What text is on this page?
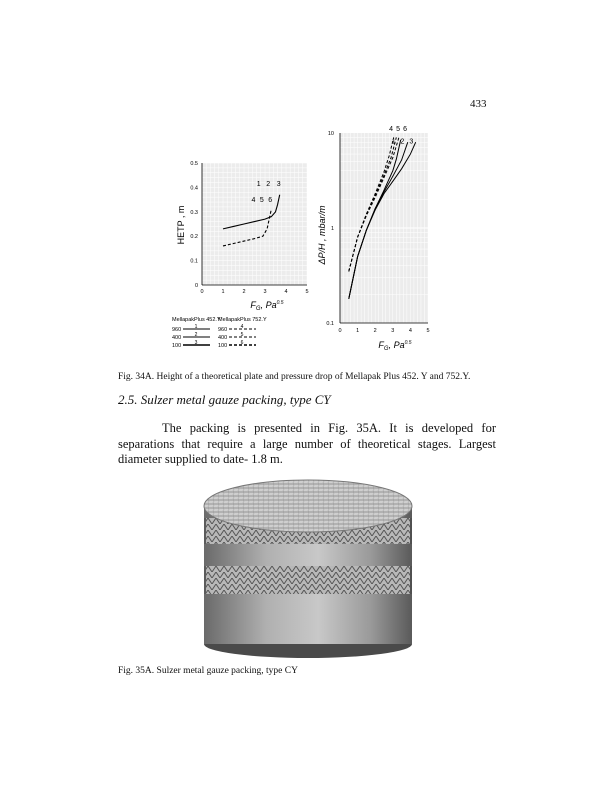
433
0	1	2	3	4	5
0
0.1
0.2
0.3
0.4
0.5
1 2 3
4 5 6
HETP , m
$F_G$, $Pa^{0.5}$
MellapakPlus 452.Y
MellapakPlus 752.Y
960	1
400	2
100	3
960	4
400	5
100	6
0	1	2	3	4	5
0.1
1
10
4 5 6
1 2 3
ΔP/H , mbar/m
$F_G$, $Pa^{0.5}$
Fig. 34A. Height of a theoretical plate and pressure drop of Mellapak Plus 452. Y and 752.Y.
2.5. Sulzer metal gauze packing, type CY
The packing is presented in Fig. 35A. It is developed for separations that require a large number of theoretical stages. Largest diameter supplied to date- 1.8 m.
Fig. 35A. Sulzer metal gauze packing, type CY
